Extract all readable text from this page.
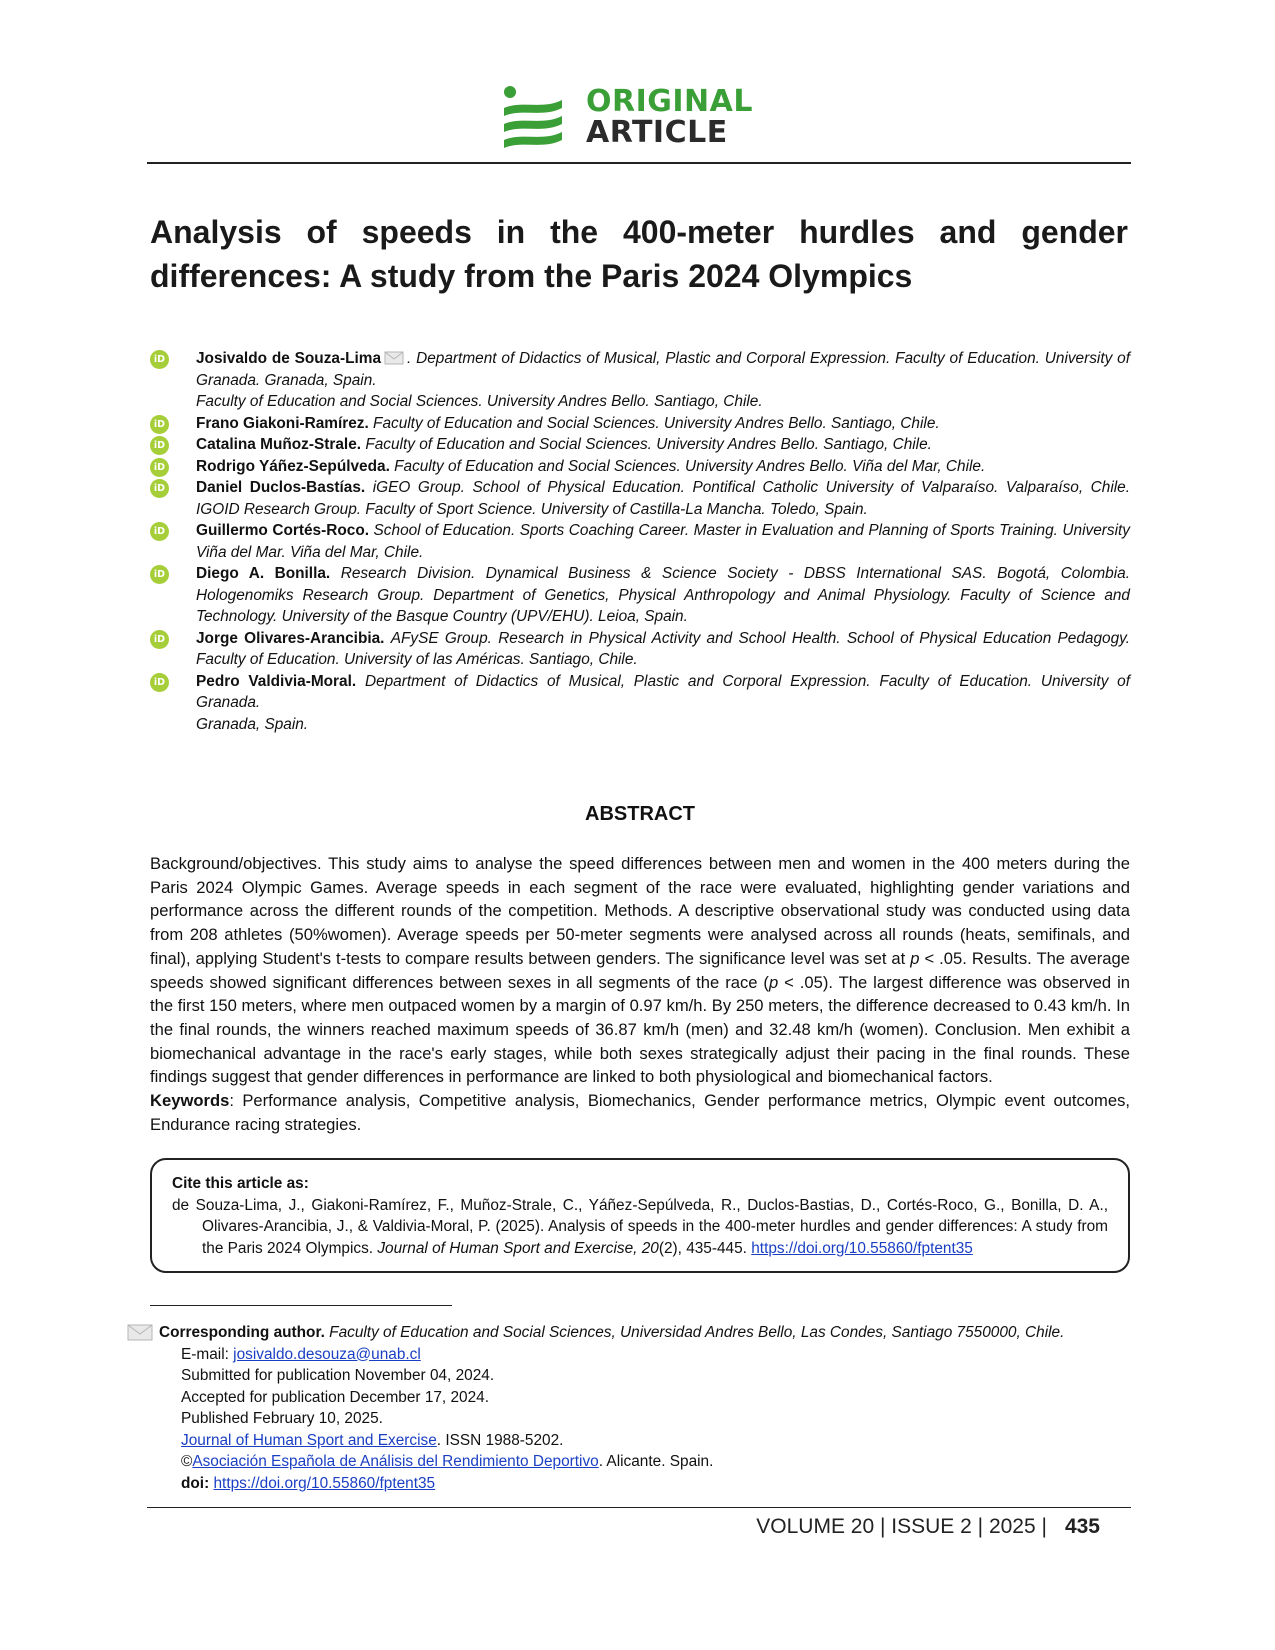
ORIGINAL
ARTICLE
Analysis of speeds in the 400-meter hurdles and gender
differences: A study from the Paris 2024 Olympics
iD Josivaldo de Souza-Lima . Department of Didactics of Musical, Plastic and Corporal Expression. Faculty of Education. University of
Granada. Granada, Spain.
Faculty of Education and Social Sciences. University Andres Bello. Santiago, Chile.
iD Frano Giakoni-Ramírez. Faculty of Education and Social Sciences. University Andres Bello. Santiago, Chile.
iD Catalina Muñoz-Strale. Faculty of Education and Social Sciences. University Andres Bello. Santiago, Chile.
iD Rodrigo Yáñez-Sepúlveda. Faculty of Education and Social Sciences. University Andres Bello. Viña del Mar, Chile.
iD Daniel Duclos-Bastías. iGEO Group. School of Physical Education. Pontifical Catholic University of Valparaíso. Valparaíso, Chile.
IGOID Research Group. Faculty of Sport Science. University of Castilla-La Mancha. Toledo, Spain.
iD Guillermo Cortés-Roco. School of Education. Sports Coaching Career. Master in Evaluation and Planning of Sports Training. University
Viña del Mar. Viña del Mar, Chile.
iD Diego A. Bonilla. Research Division. Dynamical Business & Science Society - DBSS International SAS. Bogotá, Colombia.
Hologenomiks Research Group. Department of Genetics, Physical Anthropology and Animal Physiology. Faculty of Science and
Technology. University of the Basque Country (UPV/EHU). Leioa, Spain.
iD Jorge Olivares-Arancibia. AFySE Group. Research in Physical Activity and School Health. School of Physical Education Pedagogy.
Faculty of Education. University of las Américas. Santiago, Chile.
iD Pedro Valdivia-Moral. Department of Didactics of Musical, Plastic and Corporal Expression. Faculty of Education. University of Granada.
Granada, Spain.
ABSTRACT
Background/objectives. This study aims to analyse the speed differences between men and women in the 400 meters during the Paris 2024 Olympic Games. Average speeds in each segment of the race were evaluated, highlighting gender variations and performance across the different rounds of the competition. Methods. A descriptive observational study was conducted using data from 208 athletes (50%women). Average speeds per 50-meter segments were analysed across all rounds (heats, semifinals, and final), applying Student's t-tests to compare results between genders. The significance level was set at p < .05. Results. The average speeds showed significant differences between sexes in all segments of the race (p < .05). The largest difference was observed in the first 150 meters, where men outpaced women by a margin of 0.97 km/h. By 250 meters, the difference decreased to 0.43 km/h. In the final rounds, the winners reached maximum speeds of 36.87 km/h (men) and 32.48 km/h (women). Conclusion. Men exhibit a biomechanical advantage in the race's early stages, while both sexes strategically adjust their pacing in the final rounds. These findings suggest that gender differences in performance are linked to both physiological and biomechanical factors.
Keywords: Performance analysis, Competitive analysis, Biomechanics, Gender performance metrics, Olympic event outcomes, Endurance racing strategies.
Cite this article as:
de Souza-Lima, J., Giakoni-Ramírez, F., Muñoz-Strale, C., Yáñez-Sepúlveda, R., Duclos-Bastias, D., Cortés-Roco, G., Bonilla, D. A., Olivares-Arancibia, J., & Valdivia-Moral, P. (2025). Analysis of speeds in the 400-meter hurdles and gender differences: A study from the Paris 2024 Olympics. Journal of Human Sport and Exercise, 20(2), 435-445. https://doi.org/10.55860/fptent35
Corresponding author. Faculty of Education and Social Sciences, Universidad Andres Bello, Las Condes, Santiago 7550000, Chile.
E-mail: josivaldo.desouza@unab.cl
Submitted for publication November 04, 2024.
Accepted for publication December 17, 2024.
Published February 10, 2025.
Journal of Human Sport and Exercise. ISSN 1988-5202.
©Asociación Española de Análisis del Rendimiento Deportivo. Alicante. Spain.
doi: https://doi.org/10.55860/fptent35
VOLUME 20 | ISSUE 2 | 2025 | 435
